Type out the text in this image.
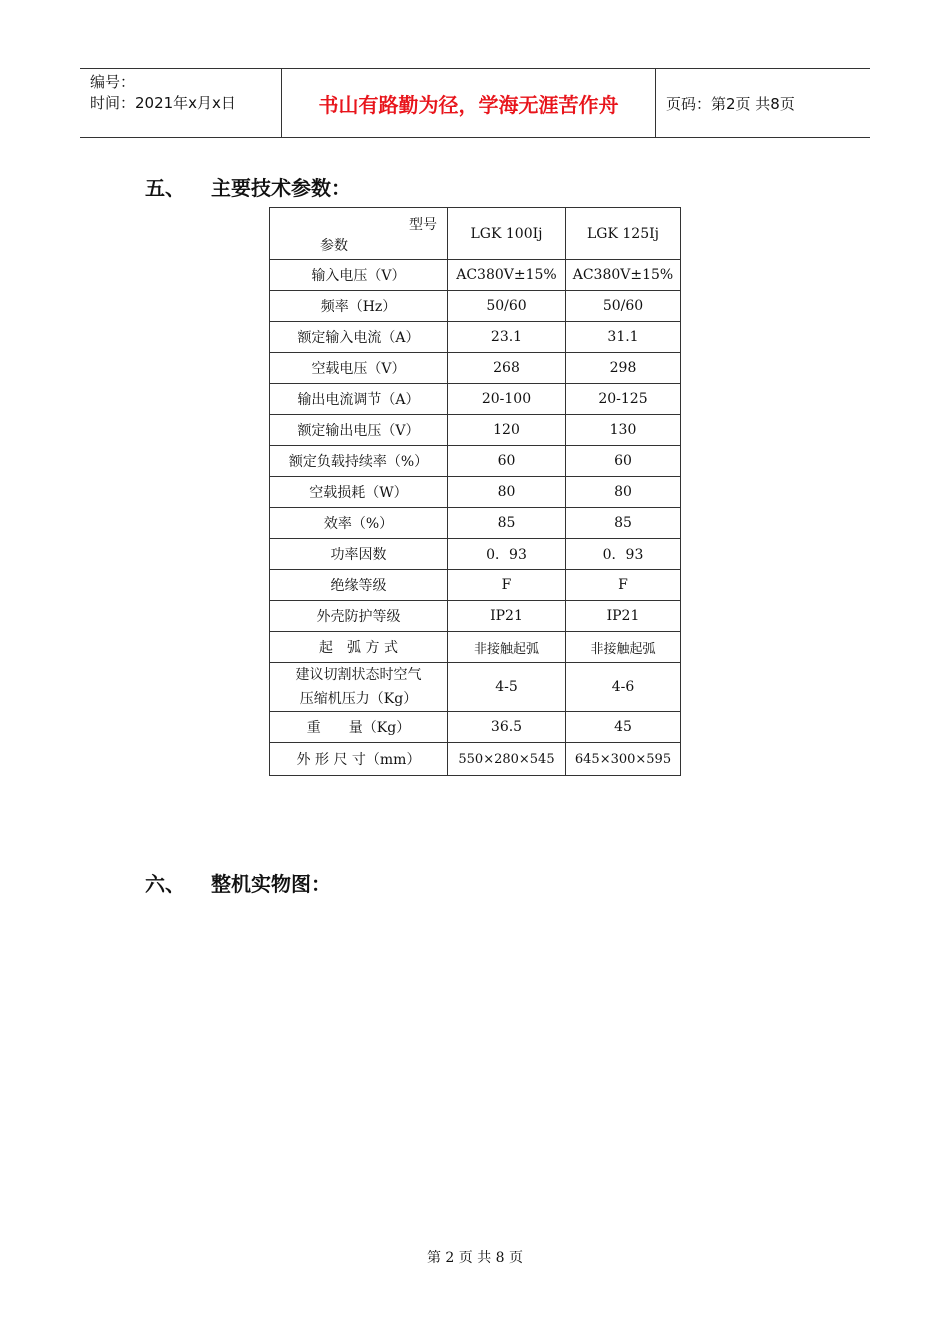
编号：
时间：2021年x月x日	书山有路勤为径，学海无涯苦作舟	页码：第2页 共8页
五、 主要技术参数：
型号
参数	LGK 100Ij	LGK 125Ij
输入电压（V）	AC380V±15%	AC380V±15%
频率（Hz）	50/60	50/60
额定输入电流（A）	23.1	31.1
空载电压（V）	268	298
输出电流调节（A）	20-100	20-125
额定输出电压（V）	120	130
额定负载持续率（%）	60	60
空载损耗（W）	80	80
效率（%）	85	85
功率因数	0．93	0．93
绝缘等级	F	F
外壳防护等级	IP21	IP21
起　弧 方 式	非接触起弧	非接触起弧

建议切割状态时空气
压缩机压力（Kg）	4-5	4-6
重　　量（Kg）	36.5	45
外 形 尺 寸（mm）	550×280×545	645×300×595
六、 整机实物图：
第 2 页 共 8 页
